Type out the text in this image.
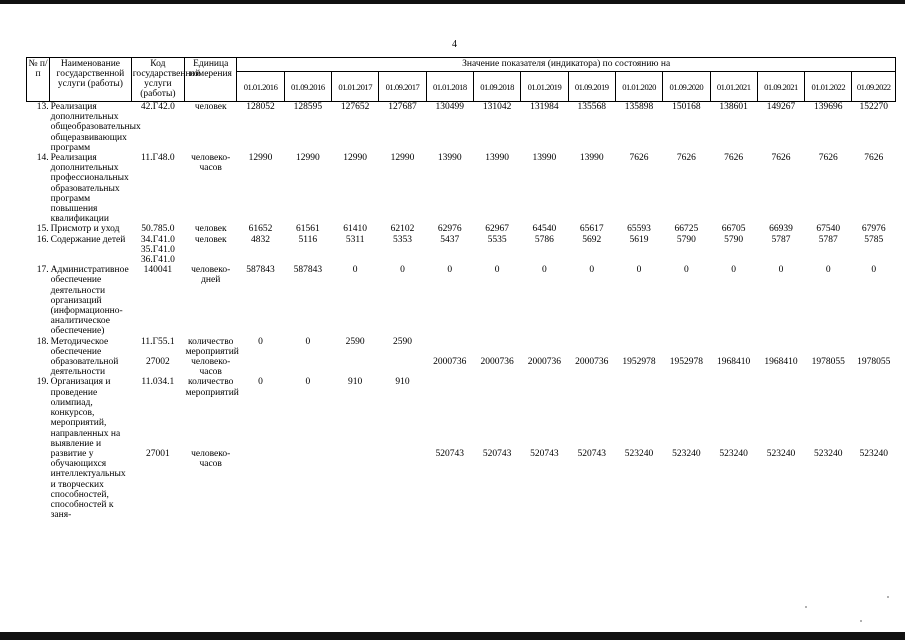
4
№ п/п	Наименование государственной услуги (работы)	Код государственной услуги (работы)	Единица измерения	Значение показателя (индикатора) по состоянию на													
				01.01.2016	01.09.2016	01.01.2017	01.09.2017	01.01.2018	01.09.2018	01.01.2019	01.09.2019	01.01.2020	01.09.2020	01.01.2021	01.09.2021	01.01.2022	01.09.2022
13.	Реализация дополнительных общеобразовательных общеразвивающих программ	42.Г42.0	человек	128052	128595	127652	127687	130499	131042	131984	135568	135898	150168	138601	149267	139696	152270
14.	Реализация дополнительных профессиональных образовательных программ повышения квалификации	11.Г48.0	человеко-часов	12990	12990	12990	12990	13990	13990	13990	13990	7626	7626	7626	7626	7626	7626
15.	Присмотр и уход	50.785.0	человек	61652	61561	61410	62102	62976	62967	64540	65617	65593	66725	66705	66939	67540	67976
16.	Содержание детей	34.Г41.0
35.Г41.0
36.Г41.0	человек	4832	5116	5311	5353	5437	5535	5786	5692	5619	5790	5790	5787	5787	5785
17.	Административное обеспечение деятельности организаций (информационно-аналитическое обеспечение)	140041	человеко-дней	587843	587843	0	0	0	0	0	0	0	0	0	0	0	0
18.	Методическое обеспечение образовательной деятельности	11.Г55.1	количество мероприятий	0	0	2590	2590										
		27002	человеко-часов					2000736	2000736	2000736	2000736	1952978	1952978	1968410	1968410	1978055	1978055
19.	Организация и проведение олимпиад, конкурсов, мероприятий, направленных на выявление и развитие у обучающихся интеллектуальных и творческих способностей, способностей к заня-	11.034.1	количество мероприятий	0	0	910	910										
		27001	человеко-часов					520743	520743	520743	520743	523240	523240	523240	523240	523240	523240
